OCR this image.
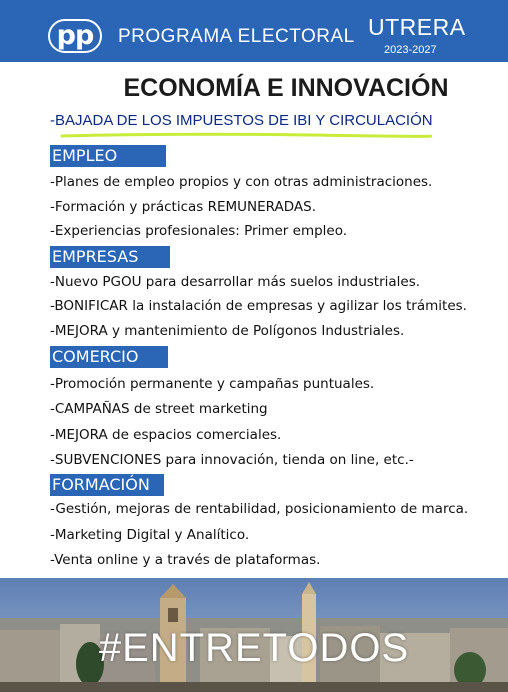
pp	PROGRAMA ELECTORAL UTRERA
2023-2027
ECONOMÍA E INNOVACIÓN
-BAJADA DE LOS IMPUESTOS DE IBI Y CIRCULACIÓN
EMPLEO
-Planes de empleo propios y con otras administraciones.
-Formación y prácticas REMUNERADAS.
-Experiencias profesionales: Primer empleo.
EMPRESAS
-Nuevo PGOU para desarrollar más suelos industriales.
-BONIFICAR la instalación de empresas y agilizar los trámites.
-MEJORA y mantenimiento de Polígonos Industriales.
COMERCIO
-Promoción permanente y campañas puntuales.
-CAMPAÑAS de street marketing
-MEJORA de espacios comerciales.
-SUBVENCIONES para innovación, tienda on line, etc.-
FORMACIÓN
-Gestión, mejoras de rentabilidad, posicionamiento de marca.
-Marketing Digital y Analítico.
-Venta online y a través de plataformas.
#ENTRETODOS
